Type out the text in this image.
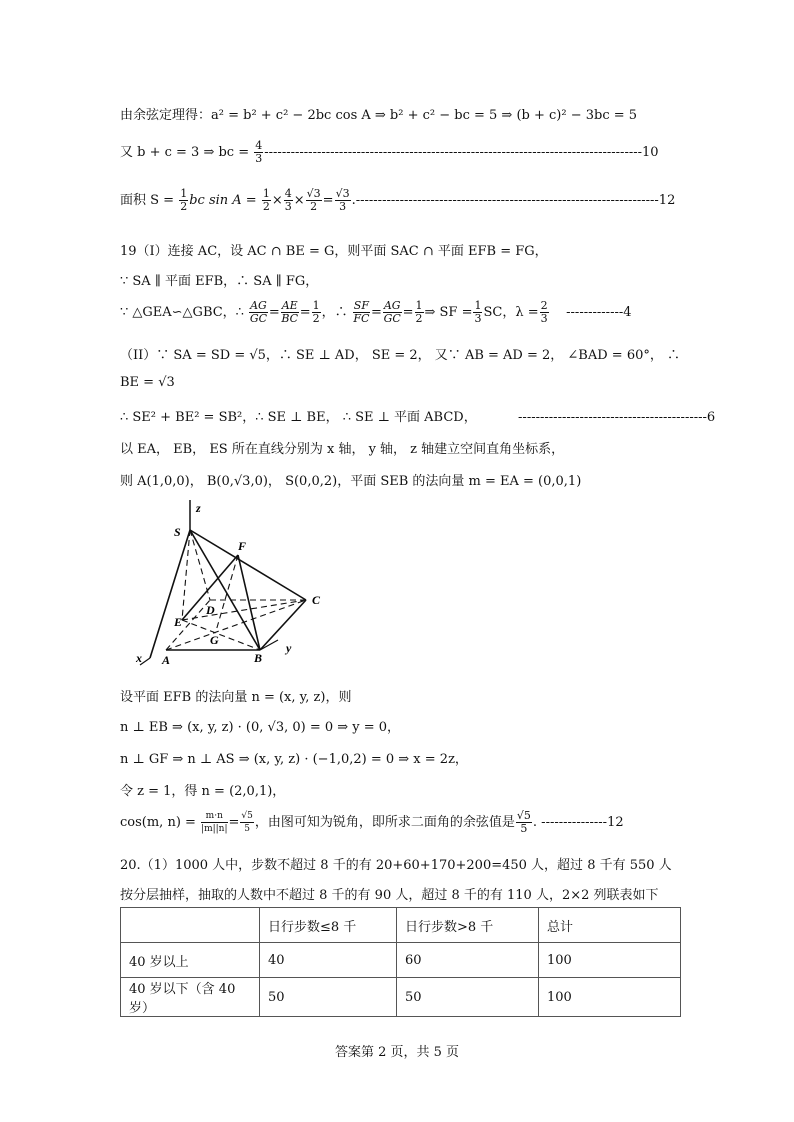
由余弦定理得：a² = b² + c² − 2bc cos A ⇒ b² + c² − bc = 5 ⇒ (b + c)² − 3bc = 5
又 b + c = 3 ⇒ bc = $\frac{4}{3} --------------------------------------------------------------------------------------10$
面积 $S = \frac{1}{2}$ bc $\sin A = \frac{1}{2} \times \frac{4}{3} \times \frac{√3}{2} = \frac{√3}{3} .---------------------------------------------------------------------12$
19（I）连接 AC，设 AC ∩ BE = G，则平面 SAC ∩ 平面 EFB = FG，
∵ SA ∥ 平面 EFB，∴ SA ∥ FG，
∵ △GEA∽△GBC，∴ $\frac{AG}{GC} = \frac{AE}{BC} = \frac{1}{2}$ ，∴ $\frac{SF}{FC} = \frac{AG}{GC} = \frac{1}{2}$ ⇒ SF = $\frac{1}{3}$ SC，$\lambda = \frac{2}{3} -------------4$
（II）∵ SA = SD = √5，∴ SE ⊥ AD， SE = 2， 又∵ AB = AD = 2， ∠BAD = 60°， ∴
BE = √3
∴ SE² + BE² = SB²，∴ SE ⊥ BE， ∴ SE ⊥ 平面 ABCD，	-------------------------------------------6
以 EA， EB， ES 所在直线分别为 x 轴， y 轴， z 轴建立空间直角坐标系，
则 A(1,0,0)， B(0,√3,0)， S(0,0,2)，平面 SEB 的法向量 m = EA = (0,0,1)
z
S
F
C
D
E
G
x A	B
y
设平面 EFB 的法向量 n = (x, y, z)，则
n ⊥ EB ⇒ (x, y, z) · (0, √3, 0) = 0 ⇒ y = 0，
n ⊥ GF ⇒ n ⊥ AS ⇒ (x, y, z) · (−1,0,2) = 0 ⇒ x = 2z，
令 z = 1，得 n = (2,0,1)，
cos(m, $n) = \frac{m\cdot n}{|m||n|} = \frac{√5}{5}$ ，由图可知为锐角，即所求二面角的余弦值是 $\frac{√5}{5}$ . ---------------12
20.（1）1000 人中，步数不超过 8 千的有 20+60+170+200=450 人，超过 8 千有 550 人
按分层抽样，抽取的人数中不超过 8 千的有 90 人，超过 8 千的有 110 人，2×2 列联表如下
	日行步数≤8 千	日行步数>8 千	总计
40 岁以上	40	60	100
40 岁以下（含 40 岁）	50	50	100
答案第 2 页，共 5 页
